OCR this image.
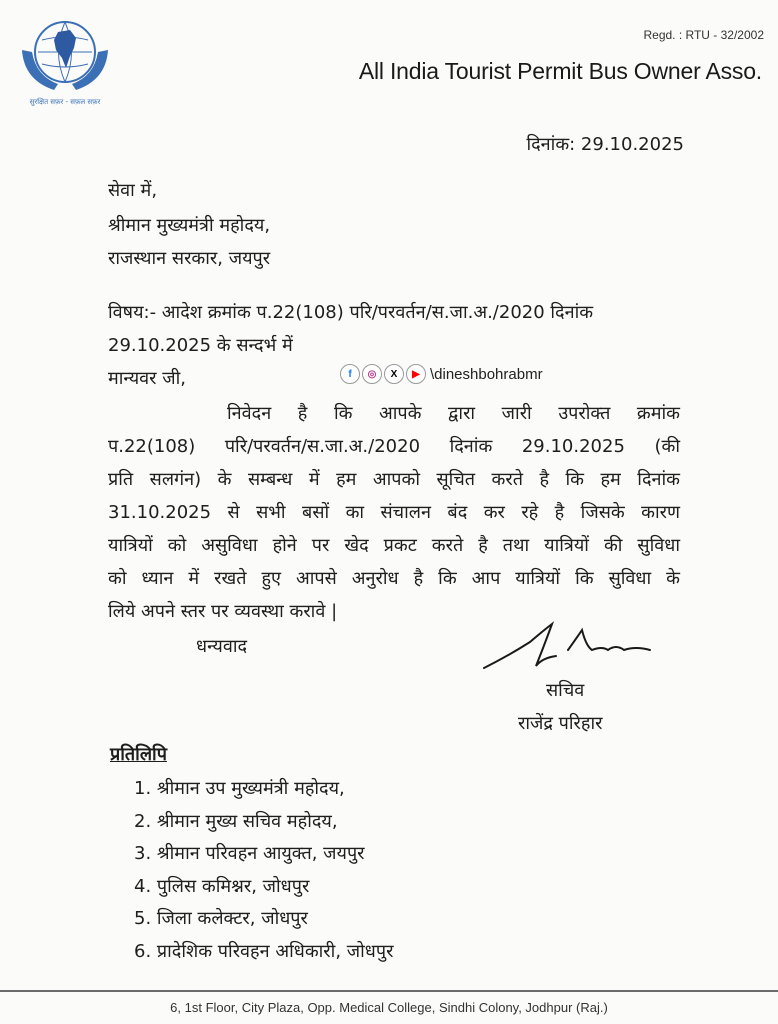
सुरक्षित सफ़र - सफ़ल सफ़र
Regd. : RTU - 32/2002
All India Tourist Permit Bus Owner Asso.
दिनांक: 29.10.2025
सेवा में,
श्रीमान मुख्यमंत्री महोदय,
राजस्थान सरकार, जयपुर
विषय:- आदेश क्रमांक प.22(108) परि/परवर्तन/स.जा.अ./2020 दिनांक
29.10.2025 के सन्दर्भ में
मान्यवर जी,	f	◎	X	▶ \dineshbohrabmr
निवेदन है कि आपके द्वारा जारी उपरोक्त क्रमांक
प.22(108) परि/परवर्तन/स.जा.अ./2020 दिनांक 29.10.2025 (की
प्रति सलगंन) के सम्बन्ध में हम आपको सूचित करते है कि हम दिनांक
31.10.2025 से सभी बसों का संचालन बंद कर रहे है जिसके कारण
यात्रियों को असुविधा होने पर खेद प्रकट करते है तथा यात्रियों की सुविधा
को ध्यान में रखते हुए आपसे अनुरोध है कि आप यात्रियों कि सुविधा के
लिये अपने स्तर पर व्यवस्था करावे |
धन्यवाद
सचिव
राजेंद्र परिहार
प्रतिलिपि
1. श्रीमान उप मुख्यमंत्री महोदय,
2. श्रीमान मुख्य सचिव महोदय,
3. श्रीमान परिवहन आयुक्त, जयपुर
4. पुलिस कमिश्नर, जोधपुर
5. जिला कलेक्टर, जोधपुर
6. प्रादेशिक परिवहन अधिकारी, जोधपुर
6, 1st Floor, City Plaza, Opp. Medical College, Sindhi Colony, Jodhpur (Raj.)
